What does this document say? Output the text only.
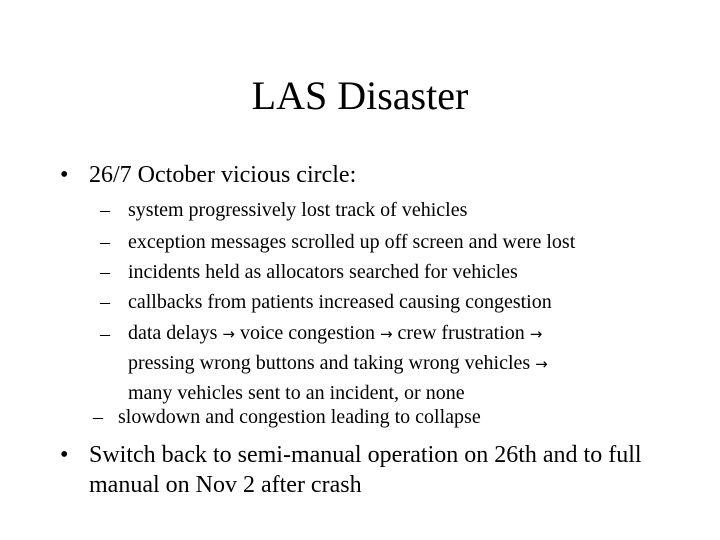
LAS Disaster
• 26/7 October vicious circle:
– system progressively lost track of vehicles
– exception messages scrolled up off screen and were lost
– incidents held as allocators searched for vehicles
– callbacks from patients increased causing congestion
– data delays → voice congestion → crew frustration →
pressing wrong buttons and taking wrong vehicles →
many vehicles sent to an incident, or none
– slowdown and congestion leading to collapse
• Switch back to semi-manual operation on 26th and to full manual on Nov 2 after crash
